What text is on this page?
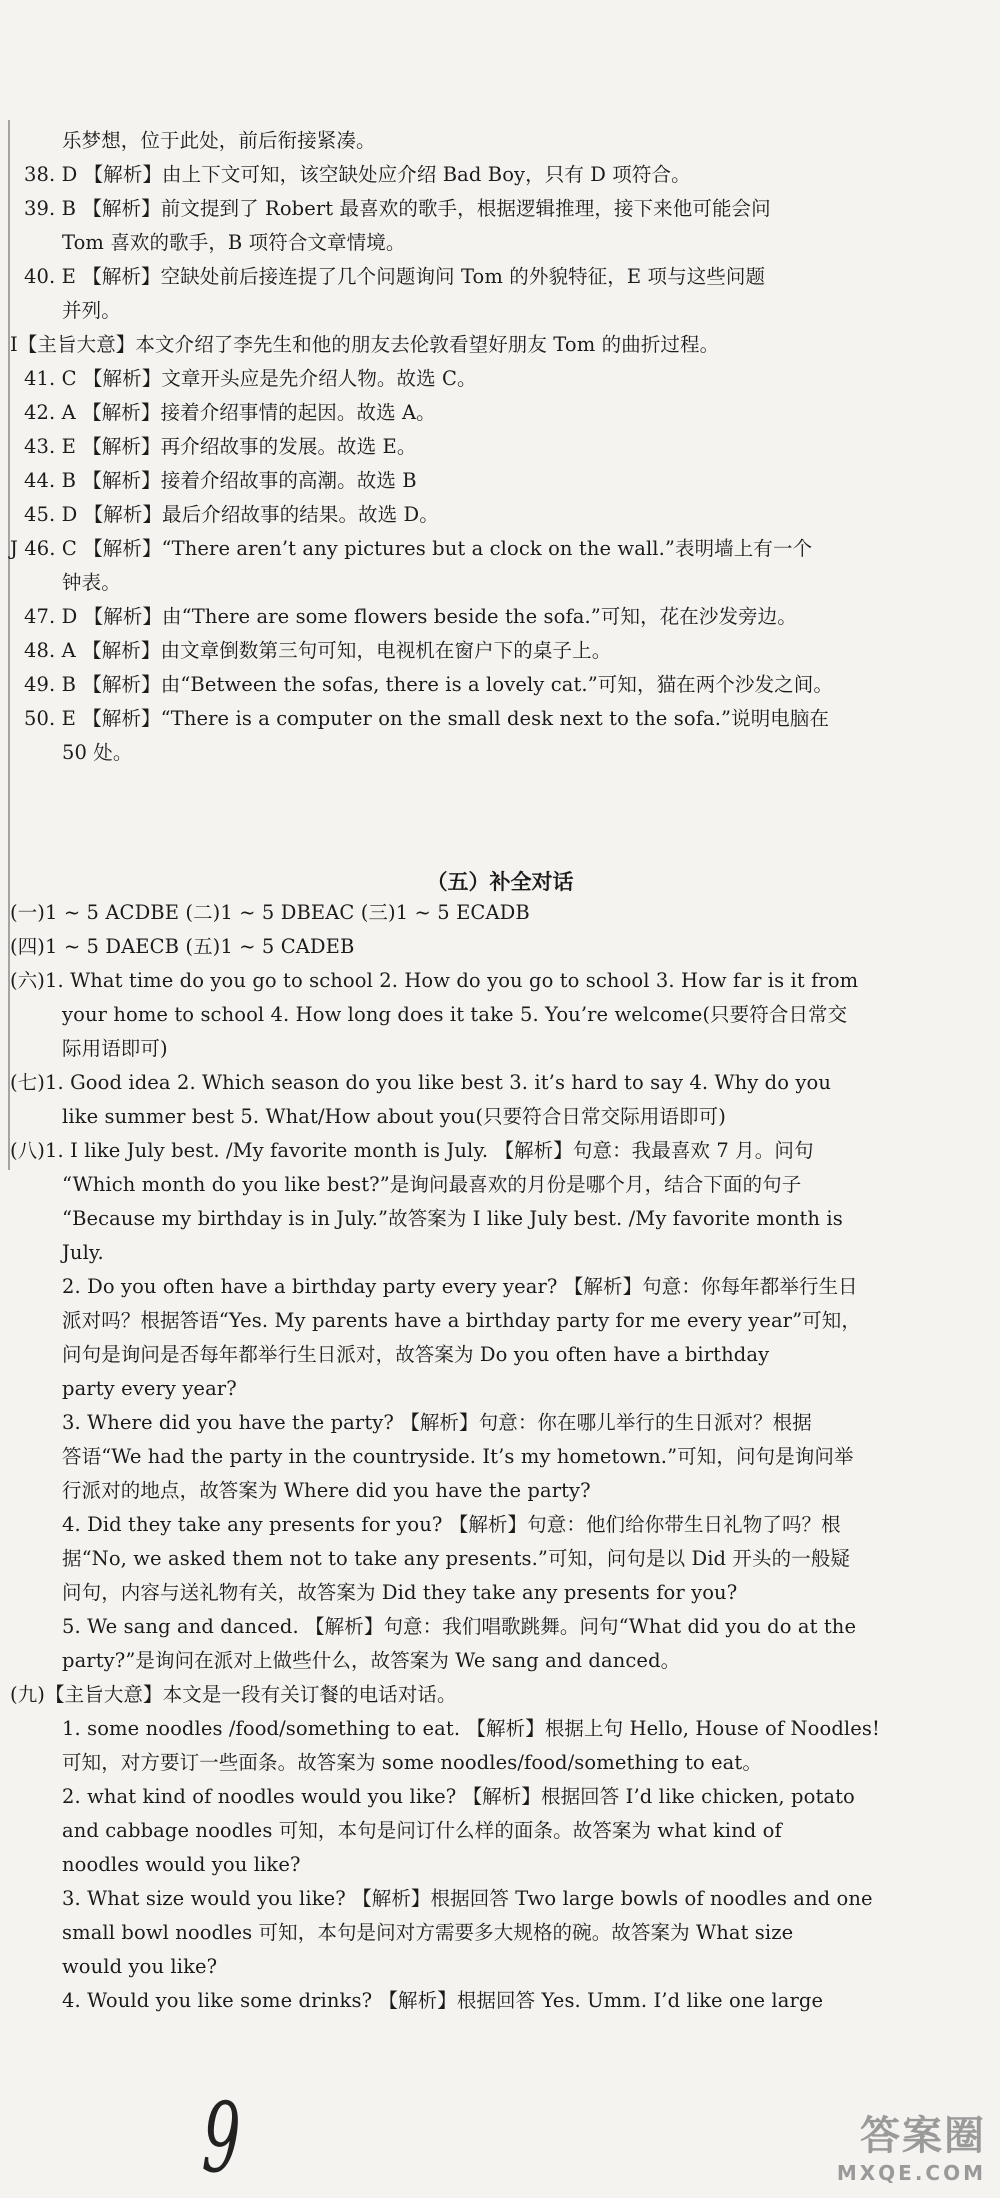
乐梦想，位于此处，前后衔接紧凑。
38. D 【解析】由上下文可知，该空缺处应介绍 Bad Boy，只有 D 项符合。
39. B 【解析】前文提到了 Robert 最喜欢的歌手，根据逻辑推理，接下来他可能会问
Tom 喜欢的歌手，B 项符合文章情境。
40. E 【解析】空缺处前后接连提了几个问题询问 Tom 的外貌特征，E 项与这些问题
并列。
I【主旨大意】本文介绍了李先生和他的朋友去伦敦看望好朋友 Tom 的曲折过程。
41. C 【解析】文章开头应是先介绍人物。故选 C。
42. A 【解析】接着介绍事情的起因。故选 A。
43. E 【解析】再介绍故事的发展。故选 E。
44. B 【解析】接着介绍故事的高潮。故选 B
45. D 【解析】最后介绍故事的结果。故选 D。
J 46. C 【解析】“There aren’t any pictures but a clock on the wall.”表明墙上有一个
钟表。
47. D 【解析】由“There are some flowers beside the sofa.”可知，花在沙发旁边。
48. A 【解析】由文章倒数第三句可知，电视机在窗户下的桌子上。
49. B 【解析】由“Between the sofas, there is a lovely cat.”可知，猫在两个沙发之间。
50. E 【解析】“There is a computer on the small desk next to the sofa.”说明电脑在
50 处。
(一)1 ~ 5 ACDBE (二)1 ~ 5 DBEAC (三)1 ~ 5 ECADB
(四)1 ~ 5 DAECB (五)1 ~ 5 CADEB
(六)1. What time do you go to school 2. How do you go to school 3. How far is it from
your home to school 4. How long does it take 5. You’re welcome(只要符合日常交
际用语即可)
(七)1. Good idea 2. Which season do you like best 3. it’s hard to say 4. Why do you
like summer best 5. What/How about you(只要符合日常交际用语即可)
(八)1. I like July best. /My favorite month is July. 【解析】句意：我最喜欢 7 月。问句
“Which month do you like best?”是询问最喜欢的月份是哪个月，结合下面的句子
“Because my birthday is in July.”故答案为 I like July best. /My favorite month is
July.
2. Do you often have a birthday party every year? 【解析】句意：你每年都举行生日
派对吗？根据答语“Yes. My parents have a birthday party for me every year”可知，
问句是询问是否每年都举行生日派对，故答案为 Do you often have a birthday
party every year?
3. Where did you have the party? 【解析】句意：你在哪儿举行的生日派对？根据
答语“We had the party in the countryside. It’s my hometown.”可知，问句是询问举
行派对的地点，故答案为 Where did you have the party?
4. Did they take any presents for you? 【解析】句意：他们给你带生日礼物了吗？根
据“No, we asked them not to take any presents.”可知，问句是以 Did 开头的一般疑
问句，内容与送礼物有关，故答案为 Did they take any presents for you?
5. We sang and danced. 【解析】句意：我们唱歌跳舞。问句“What did you do at the
party?”是询问在派对上做些什么，故答案为 We sang and danced。
(九)【主旨大意】本文是一段有关订餐的电话对话。
1. some noodles /food/something to eat. 【解析】根据上句 Hello, House of Noodles!
可知，对方要订一些面条。故答案为 some noodles/food/something to eat。
2. what kind of noodles would you like? 【解析】根据回答 I’d like chicken, potato
and cabbage noodles 可知，本句是问订什么样的面条。故答案为 what kind of
noodles would you like?
3. What size would you like? 【解析】根据回答 Two large bowls of noodles and one
small bowl noodles 可知，本句是问对方需要多大规格的碗。故答案为 What size
would you like?
4. Would you like some drinks? 【解析】根据回答 Yes. Umm. I’d like one large
（五）补全对话
9	答案圈
MXQE.COM
